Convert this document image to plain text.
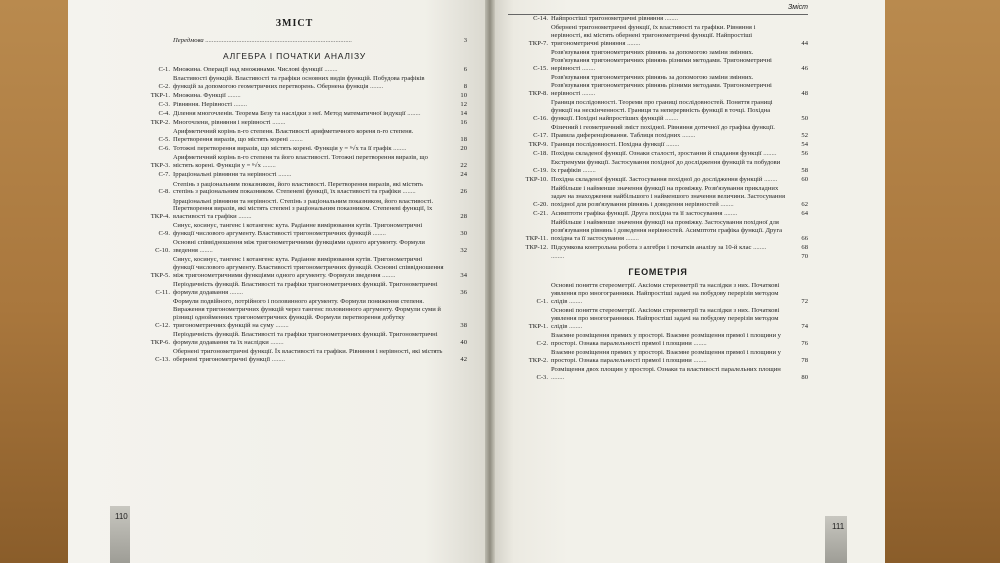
ЗМІСТ
Передмова .........................................................................................	3
АЛГЕБРА І ПОЧАТКИ АНАЛІЗУ
С-1. Множина. Операції над множинами. Числові функції ........	6
С-2.
Властивості функцій. Властивості та графіки основних видів функцій. Побудова графіків функцій за допомогою геометричних перетворень. Обернена функція ........	8
ТКР-1. Множина. Функції ........	10
С-3. Рівняння. Нерівності ........	12
С-4. Ділення многочленів. Теорема Безу та наслідки з неї. Метод математичної індукції ........	14
ТКР-2. Многочлени, рівняння і нерівності ........	16
С-5.
Арифметичний корінь n-го степеня. Властивості арифметичного кореня n-го степеня. Перетворення виразів, що містять корені ........	18
С-6. Тотожні перетворення виразів, що містять корені. Функція y = ⁿ√x та її графік ........	20
ТКР-3.
Арифметичний корінь n-го степеня та його властивості. Тотожні перетворення виразів, що містять корені. Функція y = ⁿ√x ........	22
С-7. Ірраціональні рівняння та нерівності ........	24
С-8.
Степінь з раціональним показником, його властивості. Перетворення виразів, які містять степінь з раціональним показником. Степеневі функції, їх властивості та графіки ........	26
ТКР-4.
Ірраціональні рівняння та нерівності. Степінь з раціональним показником, його властивості. Перетворення виразів, які містять степені з раціональним показником. Степеневі функції, їх властивості та графіки ........	28
С-9.
Синус, косинус, тангенс і котангенс кута. Радіанне вимірювання кутів. Тригонометричні функції числового аргументу. Властивості тригонометричних функцій ........	30
С-10.
Основні співвідношення між тригонометричними функціями одного аргументу. Формули зведення ........	32
ТКР-5.
Синус, косинус, тангенс і котангенс кута. Радіанне вимірювання кутів. Тригонометричні функції числового аргументу. Властивості тригонометричних функцій. Основні співвідношення між тригонометричними функціями одного аргументу. Формули зведення ........	34
С-11.
Періодичність функцій. Властивості та графіки тригонометричних функцій. Тригонометричні формули додавання ........	36
С-12.
Формули подвійного, потрійного і половинного аргументу. Формули пониження степеня. Вираження тригонометричних функцій через тангенс половинного аргументу. Формули суми й різниці однойменних тригонометричних функцій. Формули перетворення добутку тригонометричних функцій на суму ........	38
ТКР-6.
Періодичність функцій. Властивості та графіки тригонометричних функцій. Тригонометричні формули додавання та їх наслідки ........	40
С-13.
Обернені тригонометричні функції. Їх властивості та графіки. Рівняння і нерівності, які містять обернені тригонометричні функції ........	42
Зміст
С-14. Найпростіші тригонометричні рівняння ........
ТКР-7.
Обернені тригонометричні функції, їх властивості та графіки. Рівняння і нерівності, які містять обернені тригонометричні функції. Найпростіші тригонометричні рівняння ........	44
С-15.
Розв'язування тригонометричних рівнянь за допомогою заміни змінних. Розв'язування тригонометричних рівнянь різними методами. Тригонометричні нерівності ........	46
ТКР-8.
Розв'язування тригонометричних рівнянь за допомогою заміни змінних. Розв'язування тригонометричних рівнянь різними методами. Тригонометричні нерівності ........	48
С-16.
Границя послідовності. Теореми про границі послідовностей. Поняття границі функції на нескінченності. Границя та неперервність функції в точці. Похідна функції. Похідні найпростіших функцій ........	50
С-17.
Фізичний і геометричний зміст похідної. Рівняння дотичної до графіка функції. Правила диференціювання. Таблиця похідних ........	52
ТКР-9. Границя послідовності. Похідна функції ........	54
С-18. Похідна складеної функції. Ознаки сталості, зростання й спадання функції ........	56
С-19.
Екстремуми функції. Застосування похідної до дослідження функцій та побудови їх графіків ........	58
ТКР-10. Похідна складеної функції. Застосування похідної до дослідження функцій ........	60
С-20.
Найбільше і найменше значення функції на проміжку. Розв'язування прикладних задач на знаходження найбільшого і найменшого значення величини. Застосування похідної для розв'язування рівнянь і доведення нерівностей ........	62
С-21. Асимптоти графіка функції. Друга похідна та її застосування ........	64
ТКР-11.
Найбільше і найменше значення функції на проміжку. Застосування похідної для розв'язування рівнянь і доведення нерівностей. Асимптоти графіка функції. Друга похідна та її застосування ........	66
ТКР-12. Підсумкова контрольна робота з алгебри і початків аналізу за 10-й клас ........	68
........	70
ГЕОМЕТРІЯ
С-1.
Основні поняття стереометрії. Аксіоми стереометрії та наслідки з них. Початкові уявлення про многогранники. Найпростіші задачі на побудову перерізів методом слідів ........	72
ТКР-1.
Основні поняття стереометрії. Аксіоми стереометрії та наслідки з них. Початкові уявлення про многогранники. Найпростіші задачі на побудову перерізів методом слідів ........	74
С-2.
Взаємне розміщення прямих у просторі. Взаємне розміщення прямої і площини у просторі. Ознака паралельності прямої і площини ........	76
ТКР-2.
Взаємне розміщення прямих у просторі. Взаємне розміщення прямої і площини у просторі. Ознака паралельності прямої і площини ........	78
С-3.
Розміщення двох площин у просторі. Ознаки та властивості паралельних площин ........	80
110
111
